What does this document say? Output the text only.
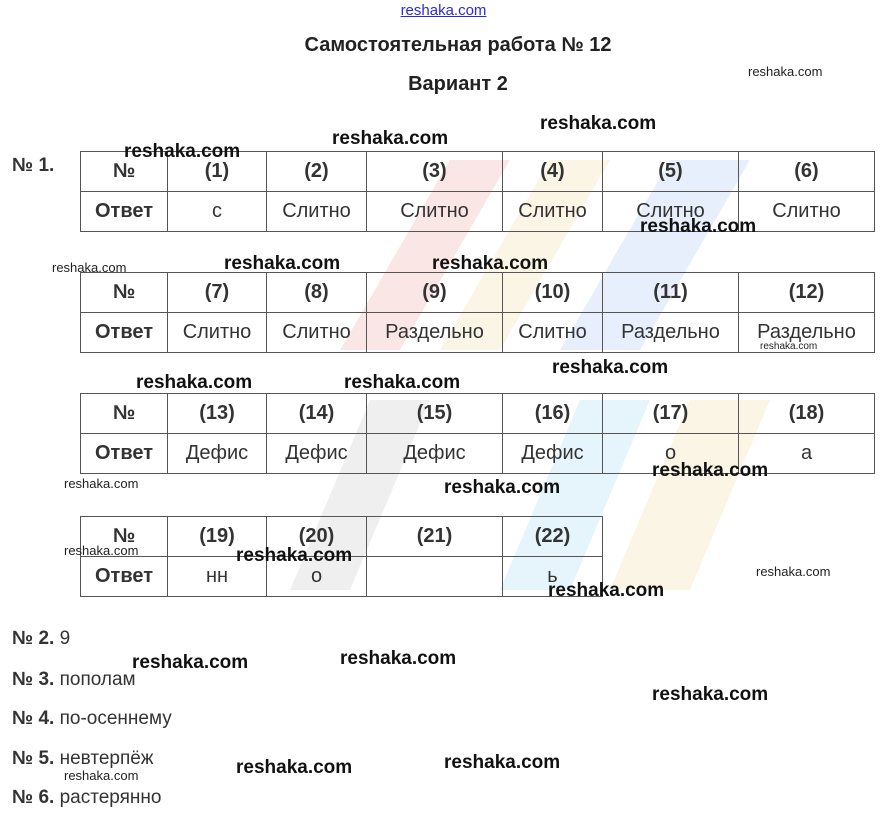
reshaka.com
Самостоятельная работа № 12
Вариант 2
№ 1.	№	(1)	(2)	(3)	(4)	(5)	(6)
Ответ	с	Слитно	Слитно	Слитно	Слитно	Слитно
№	(7)	(8)	(9)	(10)	(11)	(12)
Ответ	Слитно	Слитно	Раздельно	Слитно	Раздельно	Раздельно
№	(13)	(14)	(15)	(16)	(17)	(18)
Ответ	Дефис	Дефис	Дефис	Дефис	о	а
№	(19)	(20)	(21)	(22)
Ответ	нн	о		ь
№ 2. 9
№ 3. пополам
№ 4. по-осеннему
№ 5. невтерпёж
№ 6. растерянно
reshaka.com
reshaka.com
reshaka.com
reshaka.com
reshaka.com
reshaka.com	reshaka.com	reshaka.com
reshaka.com
reshaka.com
reshaka.com	reshaka.com
reshaka.com
reshaka.com	reshaka.com
reshaka.com	reshaka.com
reshaka.com
reshaka.com
reshaka.com	reshaka.com
reshaka.com
reshaka.com	reshaka.com
reshaka.com
